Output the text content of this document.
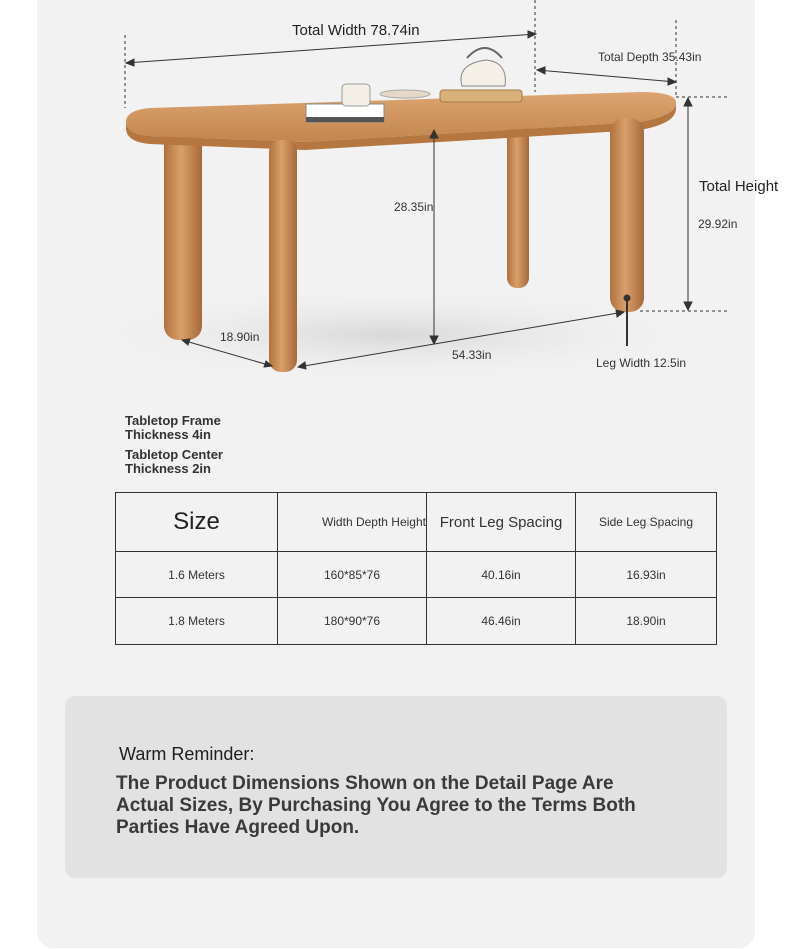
Total Width 78.74in
Total Depth 35.43in
Total Height
29.92in
28.35in
18.90in
54.33in
Leg Width 12.5in
Tabletop Frame Thickness 4in
Tabletop Center Thickness 2in
Size	Width Depth Height	Front Leg Spacing	Side Leg Spacing
1.6 Meters	160*85*76	40.16in	16.93in
1.8 Meters	180*90*76	46.46in	18.90in
Warm Reminder:
The Product Dimensions Shown on the Detail Page Are Actual Sizes, By Purchasing You Agree to the Terms Both Parties Have Agreed Upon.
